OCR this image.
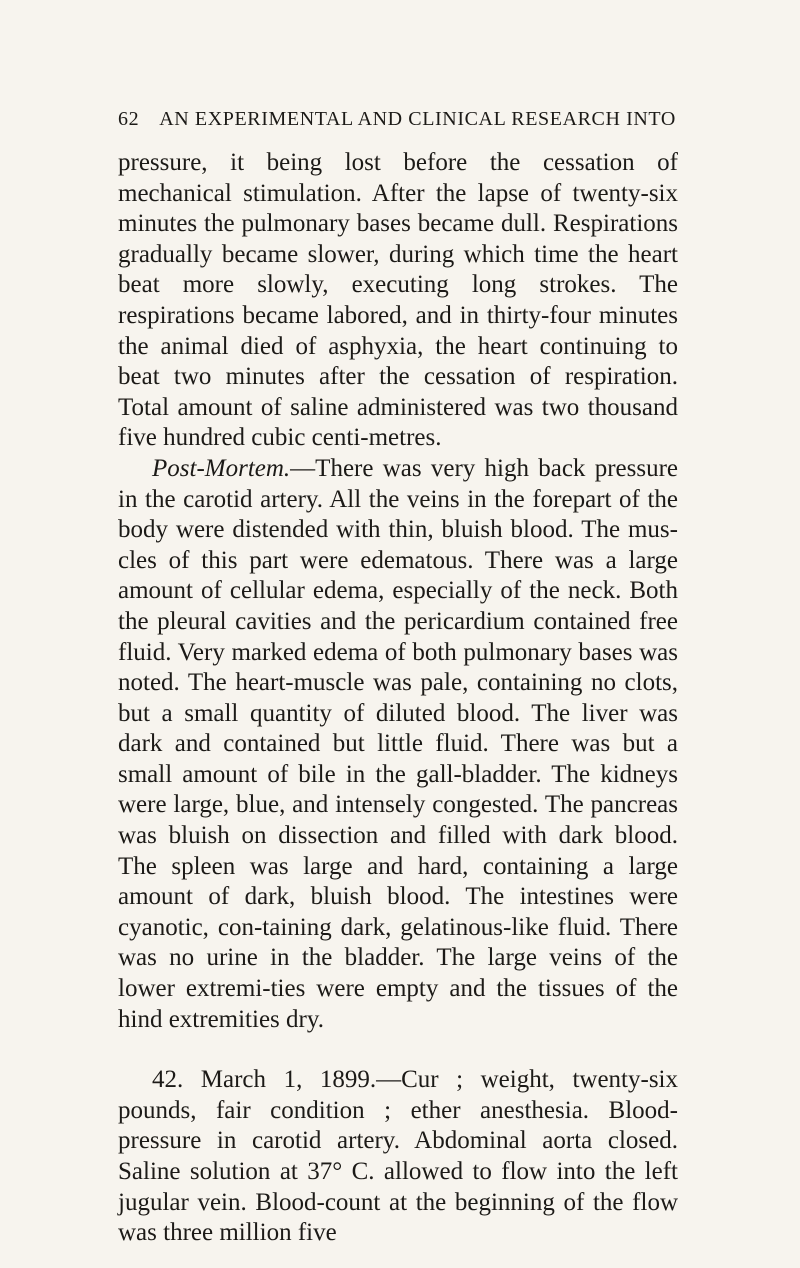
62 AN EXPERIMENTAL AND CLINICAL RESEARCH INTO

pressure, it being lost before the cessation of mechanical stimulation. After the lapse of twenty-six minutes the pulmonary bases became dull. Respirations gradually became slower, during which time the heart beat more slowly, executing long strokes. The respirations became labored, and in thirty-four minutes the animal died of asphyxia, the heart continuing to beat two minutes after the cessation of respiration. Total amount of saline administered was two thousand five hundred cubic centi-metres.

Post-Mortem.—There was very high back pressure in the carotid artery. All the veins in the forepart of the body were distended with thin, bluish blood. The mus-cles of this part were edematous. There was a large amount of cellular edema, especially of the neck. Both the pleural cavities and the pericardium contained free fluid. Very marked edema of both pulmonary bases was noted. The heart-muscle was pale, containing no clots, but a small quantity of diluted blood. The liver was dark and contained but little fluid. There was but a small amount of bile in the gall-bladder. The kidneys were large, blue, and intensely congested. The pancreas was bluish on dissection and filled with dark blood. The spleen was large and hard, containing a large amount of dark, bluish blood. The intestines were cyanotic, con-taining dark, gelatinous-like fluid. There was no urine in the bladder. The large veins of the lower extremi-ties were empty and the tissues of the hind extremities dry.

42. March 1, 1899.—Cur ; weight, twenty-six pounds, fair condition ; ether anesthesia. Blood-pressure in carotid artery. Abdominal aorta closed. Saline solution at 37° C. allowed to flow into the left jugular vein. Blood-count at the beginning of the flow was three million five
